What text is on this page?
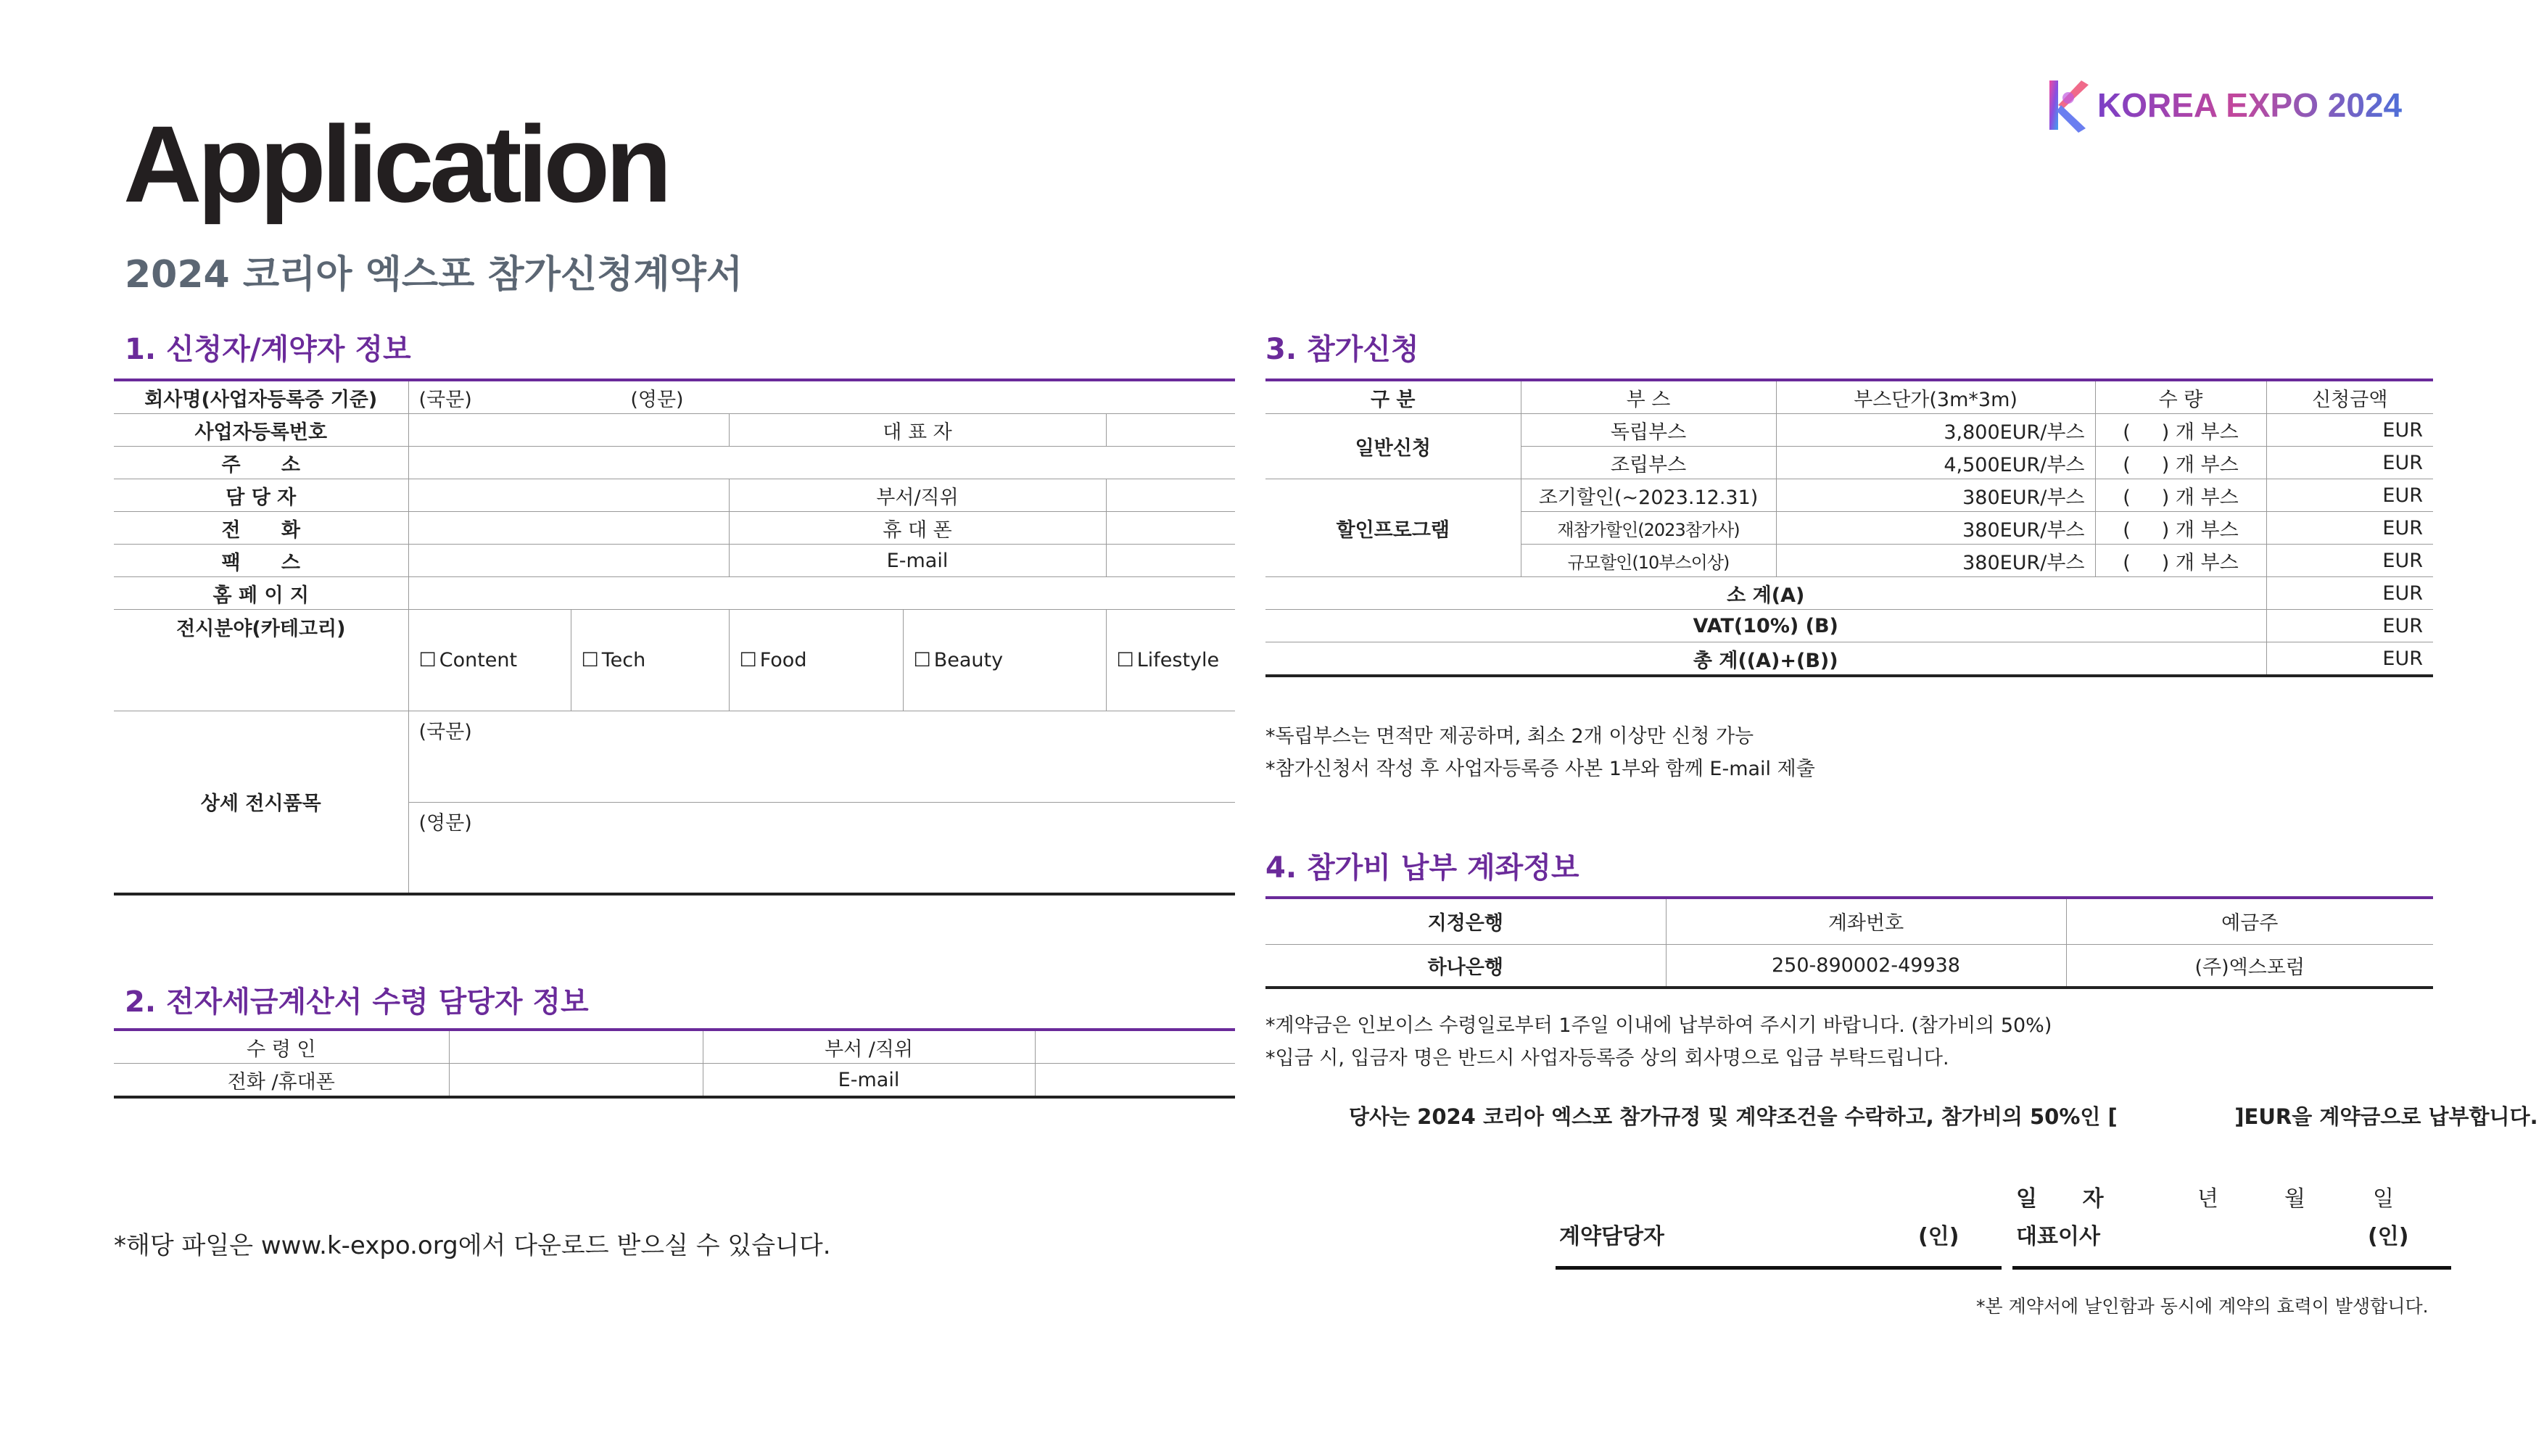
Application
2024 코리아 엑스포 참가신청계약서
KOREA EXPO 2024
1. 신청자/계약자 정보
회사명(사업자등록증 기준)	(국문) (영문)				
사업자등록번호			대 표 자		
주      소					
담 당 자			부서/직위		
전      화			휴 대 폰		
팩      스			E-mail		
홈 페 이 지					
전시분야(카테고리)	☐ Content	☐ Tech	☐ Food	☐ Beauty	☐ Lifestyle
상세 전시품목	(국문)				
	(영문)				
2. 전자세금계산서 수령 담당자 정보
수 령 인		부서 /직위	
전화 /휴대폰		E-mail	
*해당 파일은 www.k-expo.org에서 다운로드 받으실 수 있습니다.
3. 참가신청
구 분	부 스	부스단가(3m*3m)	수 량	신청금액
일반신청	독립부스	3,800EUR/부스	(     ) 개 부스	EUR
	조립부스	4,500EUR/부스	(     ) 개 부스	EUR
할인프로그램	조기할인(~2023.12.31)	380EUR/부스	(     ) 개 부스	EUR
	재참가할인(2023참가사)	380EUR/부스	(     ) 개 부스	EUR
	규모할인(10부스이상)	380EUR/부스	(     ) 개 부스	EUR
소 계(A)				EUR
VAT(10%) (B)				EUR
총 계((A)+(B))				EUR
*독립부스는 면적만 제공하며, 최소 2개 이상만 신청 가능
*참가신청서 작성 후 사업자등록증 사본 1부와 함께 E-mail 제출
4. 참가비 납부 계좌정보
지정은행	계좌번호	예금주
하나은행	250-890002-49938	(주)엑스포럼
*계약금은 인보이스 수령일로부터 1주일 이내에 납부하여 주시기 바랍니다. (참가비의 50%)
*입금 시, 입금자 명은 반드시 사업자등록증 상의 회사명으로 입금 부탁드립니다.
당사는 2024 코리아 엑스포 참가규정 및 계약조건을 수락하고, 참가비의 50%인 [                ]EUR을 계약금으로 납부합니다.
일      자	년	월	일
계약담당자	(인)	대표이사	(인)
*본 계약서에 날인함과 동시에 계약의 효력이 발생합니다.
